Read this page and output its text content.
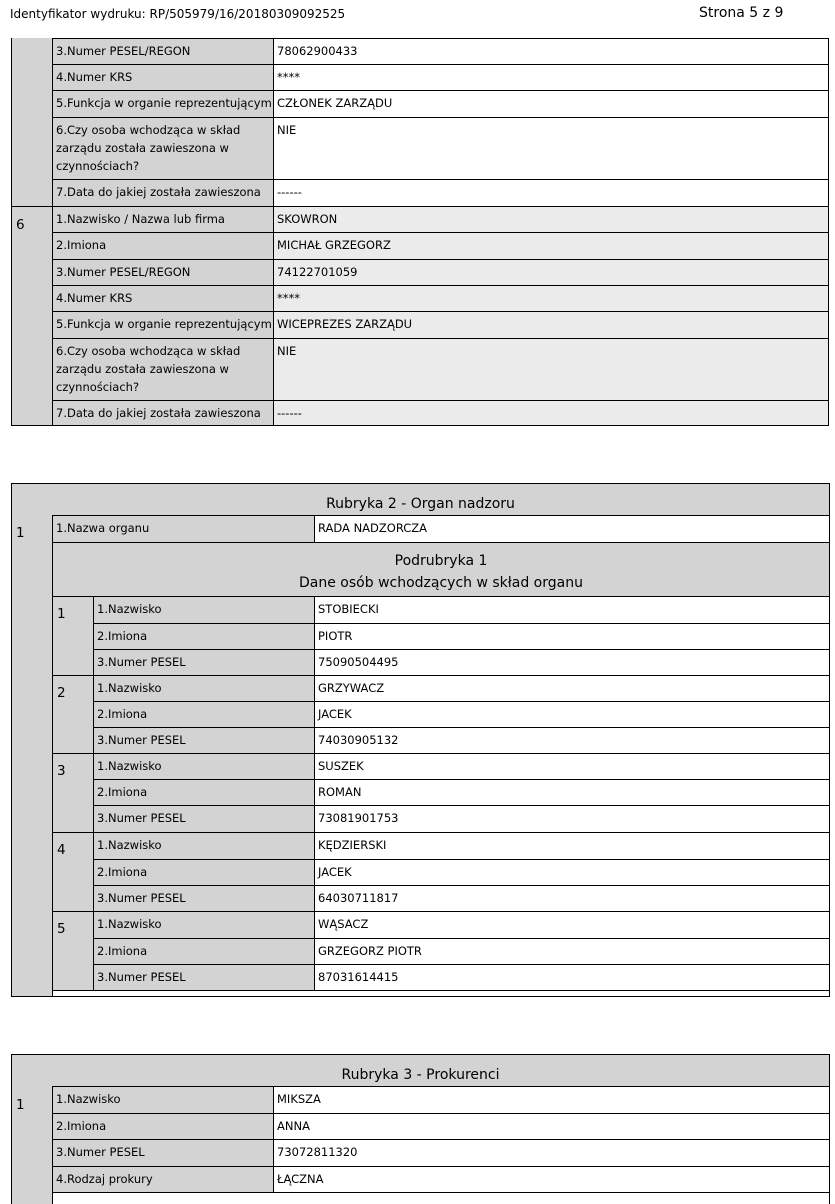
Identyfikator wydruku: RP/505979/16/20180309092525	Strona 5 z 9
6
3.Numer PESEL/REGON	78062900433
4.Numer KRS	****
5.Funkcja w organie reprezentującym CZŁONEK ZARZĄDU
6.Czy osoba wchodząca w skład zarządu została zawieszona w czynnościach?
NIE
7.Data do jakiej została zawieszona	------
1.Nazwisko / Nazwa lub firma	SKOWRON
2.Imiona	MICHAŁ GRZEGORZ
3.Numer PESEL/REGON	74122701059
4.Numer KRS	****
5.Funkcja w organie reprezentującym WICEPREZES ZARZĄDU
6.Czy osoba wchodząca w skład zarządu została zawieszona w czynnościach?
NIE
7.Data do jakiej została zawieszona	------
Rubryka 2 - Organ nadzoru
1	1.Nazwa organu	RADA NADZORCZA
Podrubryka 1
Dane osób wchodzących w skład organu
1	1.Nazwisko	STOBIECKI
2.Imiona	PIOTR
3.Numer PESEL	75090504495
2	1.Nazwisko	GRZYWACZ
2.Imiona	JACEK
3.Numer PESEL	74030905132
3	1.Nazwisko	SUSZEK
2.Imiona	ROMAN
3.Numer PESEL	73081901753
4	1.Nazwisko	KĘDZIERSKI
2.Imiona	JACEK
3.Numer PESEL	64030711817
5	1.Nazwisko	WĄSACZ
2.Imiona	GRZEGORZ PIOTR
3.Numer PESEL	87031614415
Rubryka 3 - Prokurenci
1	1.Nazwisko	MIKSZA
2.Imiona	ANNA
3.Numer PESEL	73072811320
4.Rodzaj prokury	ŁĄCZNA
